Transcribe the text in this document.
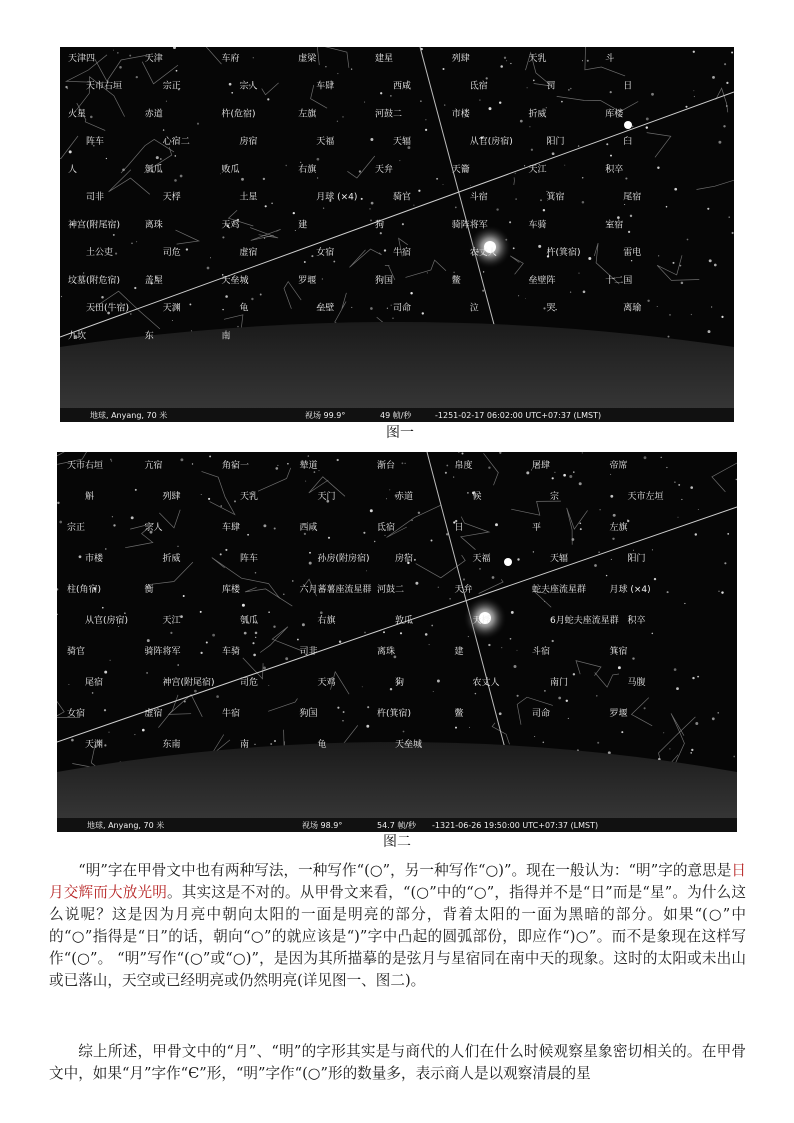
天津四	天津	车府	虚梁	建星	列肆	天乳	斗
天市右垣	宗正	宗人	车肆	西咸	氐宿	罚	日
火星	赤道	杵(危宿)	左旗	河鼓二	市楼	折威	库楼
阵车	心宿二	房宿	天福	天辐	从官(房宿)	阳门	臼
人	瓠瓜	败瓜	右旗	天弁	天籥	天江	积卒
司非	天桴	土星	月球 (×4)	骑官	斗宿	箕宿	尾宿
神宫(附尾宿)	离珠	天鸡	建	狗	骑阵将军	车骑	室宿
土公吏	司危	虚宿	女宿	牛宿	农丈人	杵(箕宿)	雷电
坟墓(附危宿)	盖屋	天垒城	罗堰	狗国	鳖	垒壁阵	十二国
天田(牛宿)	天渊	龟	垒壁	司命	泣	哭	离瑜
九坎	东	南
地球, Anyang, 70 米	视场 99.9°	49 帧/秒	-1251-02-17 06:02:00 UTC+07:37 (LMST)
图一
天市右垣	亢宿	角宿一	辇道	渐台	帛度	屠肆	帝席
斛	列肆	天乳	天门	赤道	候	宗	天市左垣
宗正	宗人	车肆	西咸	氐宿	日	平	左旗
市楼	折威	阵车	孙房(附房宿)	房宿	天福	天辐	阳门
柱(角宿)	衡	库楼	六月蕃薯座流星群 河鼓二	天弁	蛇夫座流星群	月球 (×4)
从官(房宿)	天江	瓠瓜	右旗	敦瓜	天桴	6月蛇夫座流星群 积卒
骑官	骑阵将军	车骑	司非	离珠	建	斗宿	箕宿
尾宿	神宫(附尾宿)	司危	天鸡	狗	农丈人	南门	马腹
女宿	虚宿	牛宿	狗国	杵(箕宿)	鳖	司命	罗堰
天渊	东南	南	龟	天垒城
地球, Anyang, 70 米	视场 98.9°	54.7 帧/秒 -1321-06-26 19:50:00 UTC+07:37 (LMST)
图二
“明”字在甲骨文中也有两种写法，一种写作“(○”，另一种写作“○)”。现在一般认为：“明”字的意思是日月交辉而大放光明。其实这是不对的。从甲骨文来看，“(○”中的“○”，指得并不是“日”而是“星”。为什么这么说呢？这是因为月亮中朝向太阳的一面是明亮的部分，背着太阳的一面为黑暗的部分。如果“(○”中的“○”指得是“日”的话，朝向“○”的就应该是“)”字中凸起的圆弧部份，即应作“)○”。而不是象现在这样写作“(○”。 “明”写作“(○”或“○)”，是因为其所描摹的是弦月与星宿同在南中天的现象。这时的太阳或未出山或已落山，天空或已经明亮或仍然明亮(详见图一、图二)。
综上所述，甲骨文中的“月”、“明”的字形其实是与商代的人们在什么时候观察星象密切相关的。在甲骨文中，如果“月”字作“Є”形，“明”字作“(○”形的数量多，表示商人是以观察清晨的星
